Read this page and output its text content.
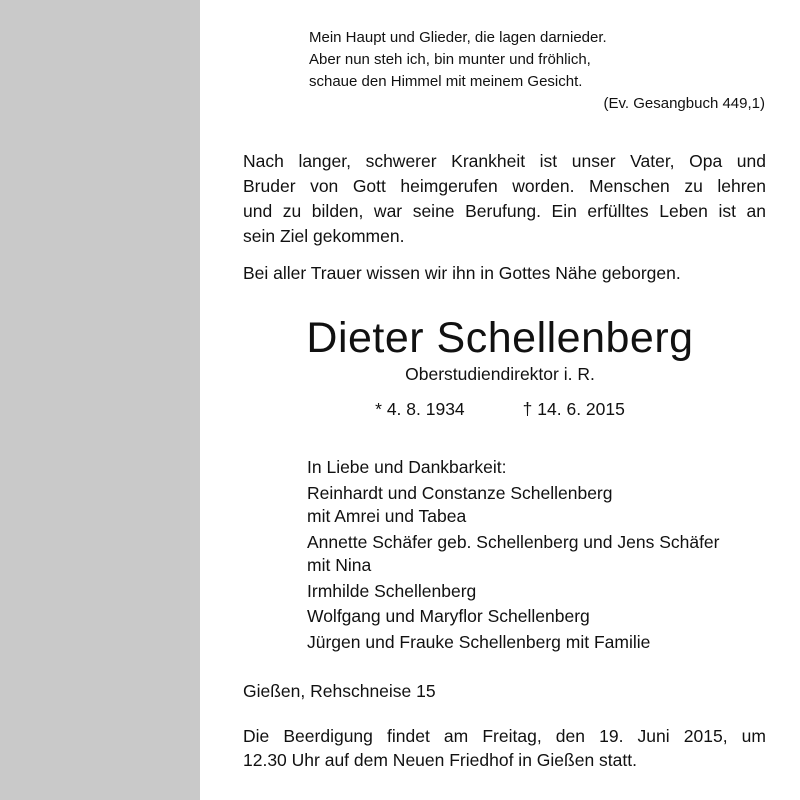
Mein Haupt und Glieder, die lagen darnieder.
Aber nun steh ich, bin munter und fröhlich,
schaue den Himmel mit meinem Gesicht.
(Ev. Gesangbuch 449,1)
Nach langer, schwerer Krankheit ist unser Vater, Opa und
Bruder von Gott heimgerufen worden. Menschen zu lehren
und zu bilden, war seine Berufung. Ein erfülltes Leben ist an
sein Ziel gekommen.
Bei aller Trauer wissen wir ihn in Gottes Nähe geborgen.
Dieter Schellenberg
Oberstudiendirektor i. R.
* 4. 8. 1934	† 14. 6. 2015
In Liebe und Dankbarkeit:
Reinhardt und Constanze Schellenberg
mit Amrei und Tabea
Annette Schäfer geb. Schellenberg und Jens Schäfer
mit Nina
Irmhilde Schellenberg
Wolfgang und Maryflor Schellenberg
Jürgen und Frauke Schellenberg mit Familie
Gießen, Rehschneise 15
Die Beerdigung findet am Freitag, den 19. Juni 2015, um
12.30 Uhr auf dem Neuen Friedhof in Gießen statt.
